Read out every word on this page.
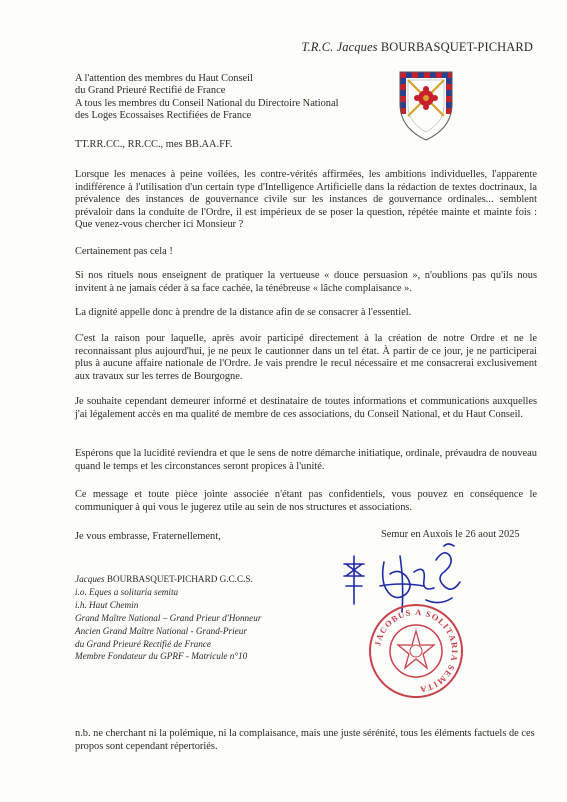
T.R.C. Jacques BOURBASQUET-PICHARD
A l'attention des membres du Haut Conseil
du Grand Prieuré Rectifié de France
A tous les membres du Conseil National du Directoire National
des Loges Ecossaises Rectifiées de France
TT.RR.CC., RR.CC., mes BB.AA.FF.

Lorsque les menaces à peine voilées, les contre-vérités affirmées, les ambitions individuelles, l'apparente indifférence à l'utilisation d'un certain type d'Intelligence Artificielle dans la rédaction de textes doctrinaux, la prévalence des instances de gouvernance civile sur les instances de gouvernance ordinales... semblent prévaloir dans la conduite de l'Ordre, il est impérieux de se poser la question, répétée mainte et mainte fois : Que venez-vous chercher ici Monsieur ?

Certainement pas cela !

Si nos rituels nous enseignent de pratiquer la vertueuse « douce persuasion », n'oublions pas qu'ils nous invitent à ne jamais céder à sa face cachée, la ténébreuse « lâche complaisance ».

La dignité appelle donc à prendre de la distance afin de se consacrer à l'essentiel.

C'est la raison pour laquelle, après avoir participé directement à la création de notre Ordre et ne le reconnaissant plus aujourd'hui, je ne peux le cautionner dans un tel état. À partir de ce jour, je ne participerai plus à aucune affaire nationale de l'Ordre. Je vais prendre le recul nécessaire et me consacrerai exclusivement aux travaux sur les terres de Bourgogne.

Je souhaite cependant demeurer informé et destinataire de toutes informations et communications auxquelles j'ai légalement accès en ma qualité de membre de ces associations, du Conseil National, et du Haut Conseil.

Espérons que la lucidité reviendra et que le sens de notre démarche initiatique, ordinale, prévaudra de nouveau quand le temps et les circonstances seront propices à l'unité.

Ce message et toute pièce jointe associée n'étant pas confidentiels, vous pouvez en conséquence le communiquer à qui vous le jugerez utile au sein de nos structures et associations.

Je vous embrasse, Fraternellement,	Semur en Auxois le 26 aout 2025
Jacques BOURBASQUET-PICHARD G.C.C.S.
i.o. Eques a solitaria semita
i.h. Haut Chemin
Grand Maître National – Grand Prieur d'Honneur
Ancien Grand Maître National - Grand-Prieur
du Grand Prieuré Rectifié de France
Membre Fondateur du GPRF - Matricule n°10
JACOBUS A SOLITARIA SEMITA
n.b. ne cherchant ni la polémique, ni la complaisance, mais une juste sérénité, tous les éléments factuels de ces propos sont cependant répertoriés.
